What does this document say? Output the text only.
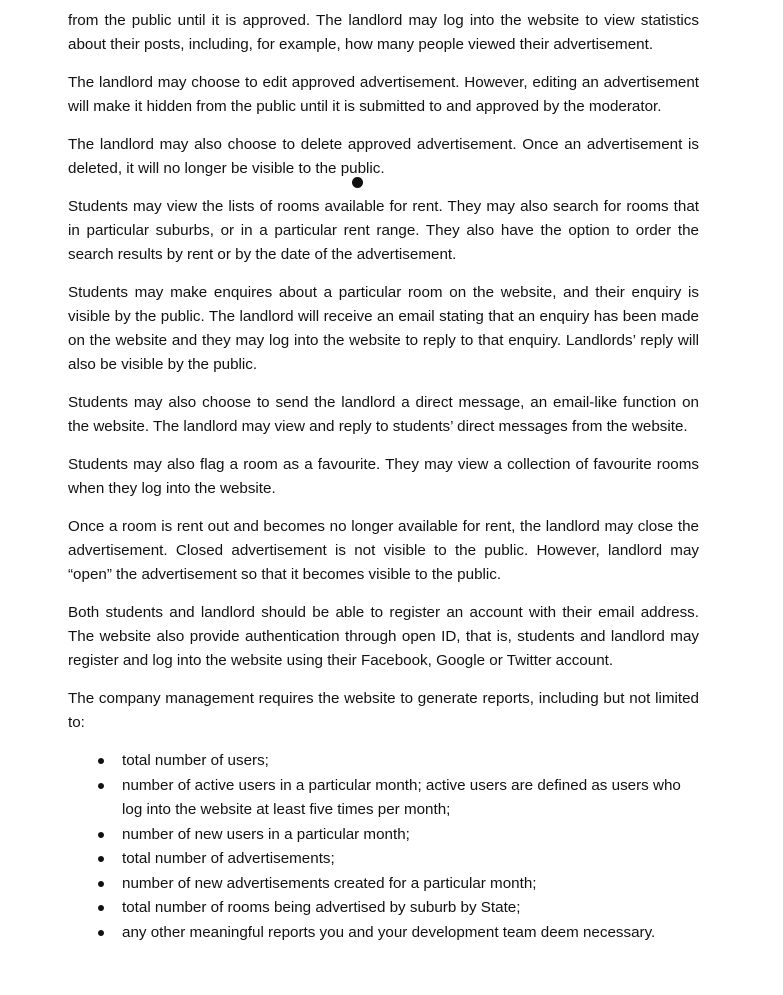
from the public until it is approved. The landlord may log into the website to view statistics about their posts, including, for example, how many people viewed their advertisement.

The landlord may choose to edit approved advertisement. However, editing an advertisement will make it hidden from the public until it is submitted to and approved by the moderator.

The landlord may also choose to delete approved advertisement. Once an advertisement is deleted, it will no longer be visible to the public.

Students may view the lists of rooms available for rent. They may also search for rooms that in particular suburbs, or in a particular rent range. They also have the option to order the search results by rent or by the date of the advertisement.

Students may make enquires about a particular room on the website, and their enquiry is visible by the public. The landlord will receive an email stating that an enquiry has been made on the website and they may log into the website to reply to that enquiry. Landlords’ reply will also be visible by the public.

Students may also choose to send the landlord a direct message, an email-like function on the website. The landlord may view and reply to students’ direct messages from the website.

Students may also flag a room as a favourite. They may view a collection of favourite rooms when they log into the website.

Once a room is rent out and becomes no longer available for rent, the landlord may close the advertisement. Closed advertisement is not visible to the public. However, landlord may “open” the advertisement so that it becomes visible to the public.

Both students and landlord should be able to register an account with their email address. The website also provide authentication through open ID, that is, students and landlord may register and log into the website using their Facebook, Google or Twitter account.

The company management requires the website to generate reports, including but not limited to:

total number of users;
number of active users in a particular month; active users are defined as users who log into the website at least five times per month;
number of new users in a particular month;
total number of advertisements;
number of new advertisements created for a particular month;
total number of rooms being advertised by suburb by State;
any other meaningful reports you and your development team deem necessary.
